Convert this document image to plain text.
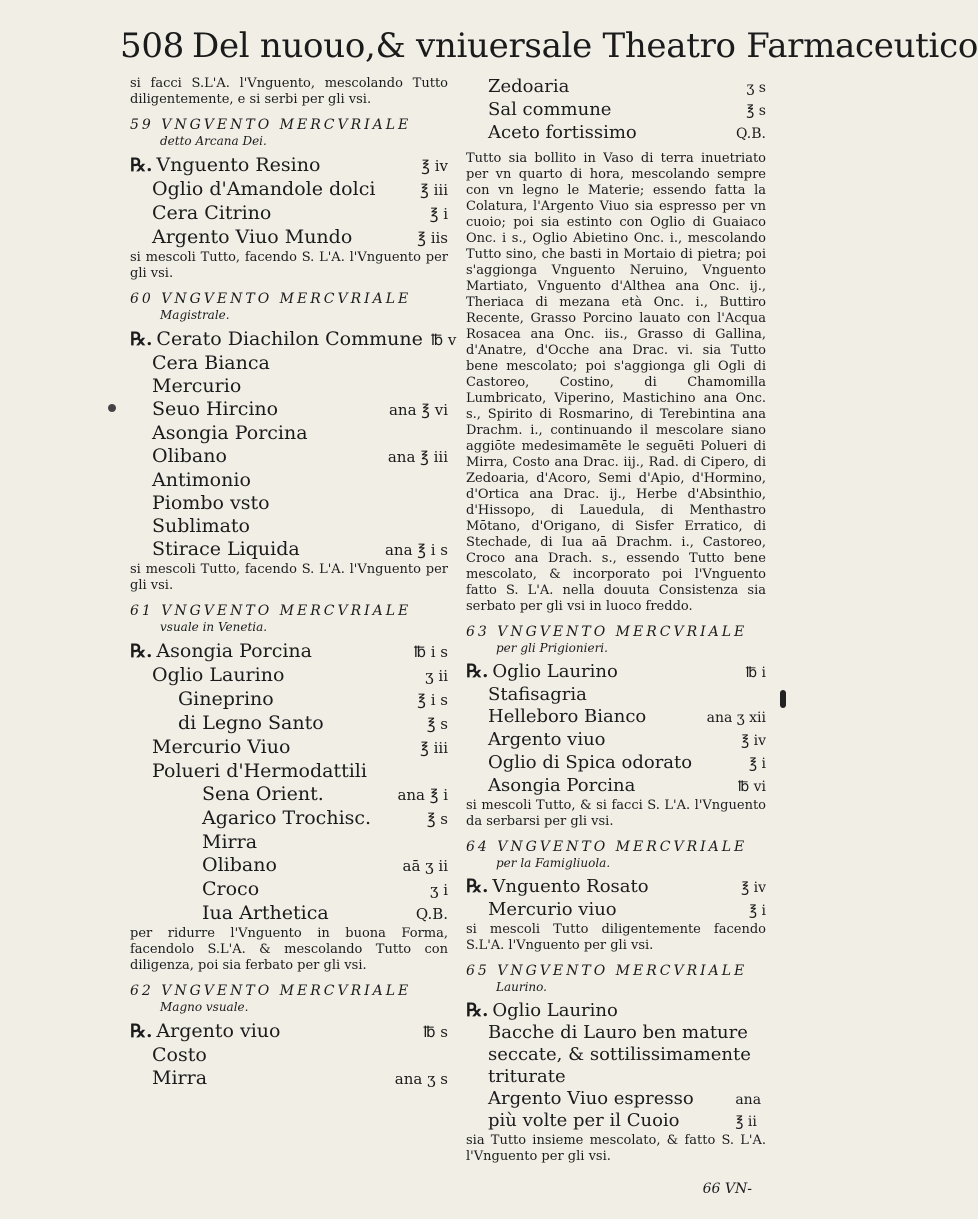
508 Del nuouo,& vniuersale Theatro Farmaceutico

si facci S.L'A. l'Vnguento, mescolando Tutto diligentemente, e si serbi per gli vsi.

59 VNGVENTO MERCVRIALE
detto Arcana Dei.
℞. Vnguento Resino	℥ iv
Oglio d'Amandole dolci	℥ iii
Cera Citrino	℥ i
Argento Viuo Mundo	℥ iis

si mescoli Tutto, facendo S. L'A. l'Vnguento per gli vsi.

60 VNGVENTO MERCVRIALE
Magistrale.
℞. Cerato Diachilon Commune ℔ v
Cera Bianca
Mercurio
Seuo Hircino	ana ℥ vi
Asongia Porcina
Olibano	ana ℥ iii
Antimonio
Piombo vsto
Sublimato
Stirace Liquida	ana ℥ i s

si mescoli Tutto, facendo S. L'A. l'Vnguento per gli vsi.

61 VNGVENTO MERCVRIALE
vsuale in Venetia.
℞. Asongia Porcina	℔ i s
Oglio Laurino	ʒ ii
Gineprino	℥ i s
di Legno Santo	℥ s
Mercurio Viuo	℥ iii
Polueri d'Hermodattili
Sena Orient.	ana ℥ i
Agarico Trochisc.	℥ s
Mirra
Olibano	aā ʒ ii
Croco	ʒ i
Iua Arthetica	Q.B.

per ridurre l'Vnguento in buona Forma, facendolo S.L'A. & mescolando Tutto con diligenza, poi sia ferbato per gli vsi.

62 VNGVENTO MERCVRIALE
Magno vsuale.
℞. Argento viuo	℔ s
Costo
Mirra	ana ʒ s
Zedoaria	ʒ s
Sal commune	℥ s
Aceto fortissimo	Q.B.

Tutto sia bollito in Vaso di terra inuetriato per vn quarto di hora, mescolando sempre con vn legno le Materie; essendo fatta la Colatura, l'Argento Viuo sia espresso per vn cuoio; poi sia estinto con Oglio di Guaiaco Onc. i s., Oglio Abietino Onc. i., mescolando Tutto sino, che basti in Mortaio di pietra; poi s'aggionga Vnguento Neruino, Vnguento Martiato, Vnguento d'Althea ana Onc. ij., Theriaca di mezana età Onc. i., Buttiro Recente, Grasso Porcino lauato con l'Acqua Rosacea ana Onc. iis., Grasso di Gallina, d'Anatre, d'Ocche ana Drac. vi. sia Tutto bene mescolato; poi s'aggionga gli Ogli di Castoreo, Costino, di Chamomilla Lumbricato, Viperino, Mastichino ana Onc. s., Spirito di Rosmarino, di Terebintina ana Drachm. i., continuando il mescolare siano aggiōte medesimamēte le seguēti Polueri di Mirra, Costo ana Drac. iij., Rad. di Cipero, di Zedoaria, d'Acoro, Semi d'Apio, d'Hormino, d'Ortica ana Drac. ij., Herbe d'Absinthio, d'Hissopo, di Lauedula, di Menthastro Mōtano, d'Origano, di Sisfer Erratico, di Stechade, di Iua aā Drachm. i., Castoreo, Croco ana Drach. s., essendo Tutto bene mescolato, & incorporato poi l'Vnguento fatto S. L'A. nella douuta Consistenza sia serbato per gli vsi in luoco freddo.

63 VNGVENTO MERCVRIALE
per gli Prigionieri.
℞. Oglio Laurino	℔ i
Stafisagria
Helleboro Bianco	ana ʒ xii
Argento viuo	℥ iv
Oglio di Spica odorato	℥ i
Asongia Porcina	℔ vi

si mescoli Tutto, & si facci S. L'A. l'Vnguento da serbarsi per gli vsi.

64 VNGVENTO MERCVRIALE
per la Famigliuola.
℞. Vnguento Rosato	℥ iv
Mercurio viuo	℥ i

si mescoli Tutto diligentemente facendo S.L'A. l'Vnguento per gli vsi.

65 VNGVENTO MERCVRIALE
Laurino.
℞. Oglio Laurino
Bacche di Lauro ben mature seccate, & sottilissimamente triturate
Argento Viuo espresso più volte per il Cuoio
ana ℥ ii

sia Tutto insieme mescolato, & fatto S. L'A. l'Vnguento per gli vsi.

66 VN-
